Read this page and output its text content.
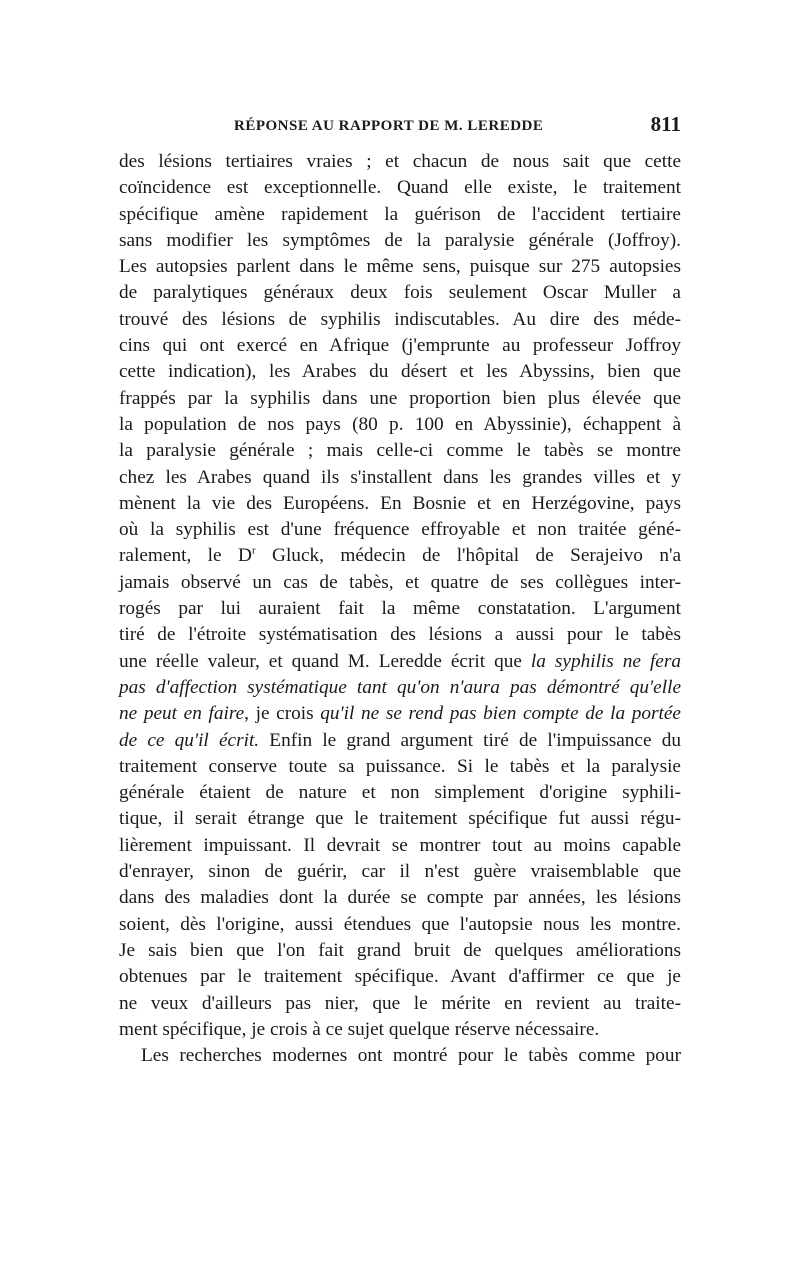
RÉPONSE AU RAPPORT DE M. LEREDDE	811
des lésions tertiaires vraies ; et chacun de nous sait que cette
coïncidence est exceptionnelle. Quand elle existe, le traitement
spécifique amène rapidement la guérison de l'accident tertiaire
sans modifier les symptômes de la paralysie générale (Joffroy).
Les autopsies parlent dans le même sens, puisque sur 275 autopsies
de paralytiques généraux deux fois seulement Oscar Muller a
trouvé des lésions de syphilis indiscutables. Au dire des méde-
cins qui ont exercé en Afrique (j'emprunte au professeur Joffroy
cette indication), les Arabes du désert et les Abyssins, bien que
frappés par la syphilis dans une proportion bien plus élevée que
la population de nos pays (80 p. 100 en Abyssinie), échappent à
la paralysie générale ; mais celle-ci comme le tabès se montre
chez les Arabes quand ils s'installent dans les grandes villes et y
mènent la vie des Européens. En Bosnie et en Herzégovine, pays
où la syphilis est d'une fréquence effroyable et non traitée géné-
ralement, le $D^r$ Gluck, médecin de l'hôpital de Serajeivo n'a
jamais observé un cas de tabès, et quatre de ses collègues inter-
rogés par lui auraient fait la même constatation. L'argument
tiré de l'étroite systématisation des lésions a aussi pour le tabès
une réelle valeur, et quand M. Leredde écrit que la syphilis ne fera
pas d'affection systématique tant qu'on n'aura pas démontré qu'elle
ne peut en faire, je crois qu'il ne se rend pas bien compte de la portée
de ce qu'il écrit. Enfin le grand argument tiré de l'impuissance du
traitement conserve toute sa puissance. Si le tabès et la paralysie
générale étaient de nature et non simplement d'origine syphili-
tique, il serait étrange que le traitement spécifique fut aussi régu-
lièrement impuissant. Il devrait se montrer tout au moins capable
d'enrayer, sinon de guérir, car il n'est guère vraisemblable que
dans des maladies dont la durée se compte par années, les lésions
soient, dès l'origine, aussi étendues que l'autopsie nous les montre.
Je sais bien que l'on fait grand bruit de quelques améliorations
obtenues par le traitement spécifique. Avant d'affirmer ce que je
ne veux d'ailleurs pas nier, que le mérite en revient au traite-
ment spécifique, je crois à ce sujet quelque réserve nécessaire.
Les recherches modernes ont montré pour le tabès comme pour
